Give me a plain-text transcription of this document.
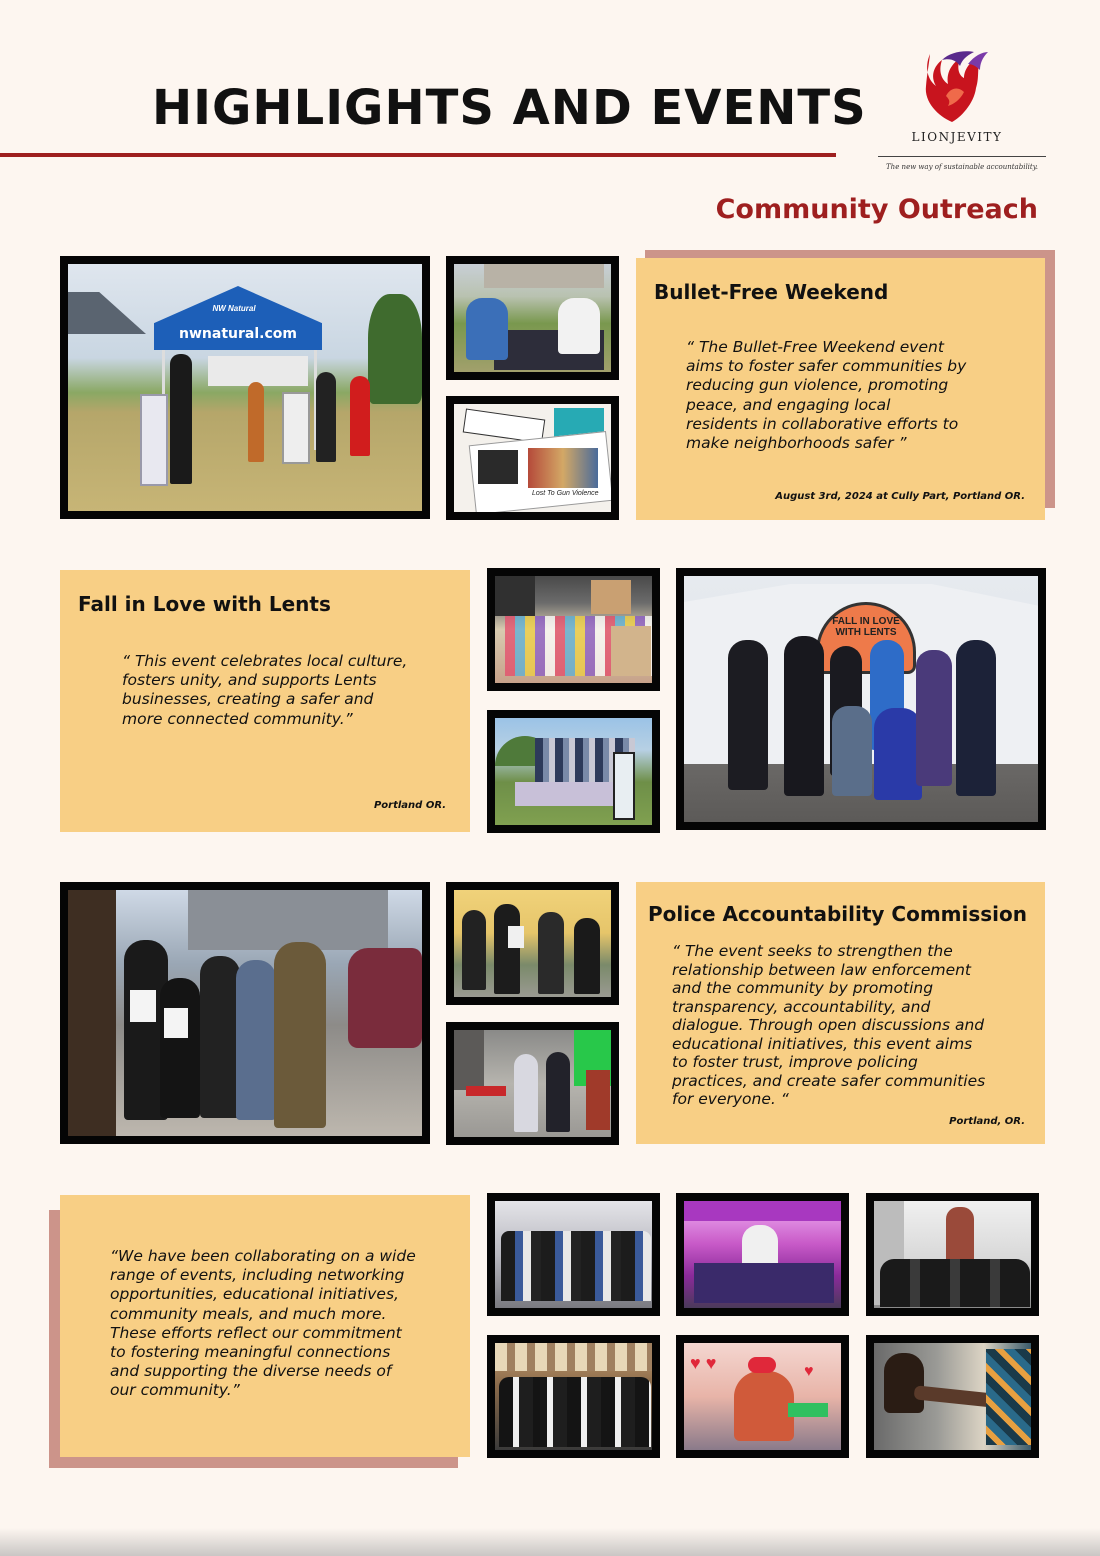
HIGHLIGHTS AND EVENTS
LIONJEVITY
The new way of sustainable accountability.
Community Outreach
nwnatural.com
NW Natural
Lost To Gun Violence
Bullet-Free Weekend
“ The Bullet-Free Weekend event
aims to foster safer communities by
reducing gun violence, promoting
peace, and engaging local
residents in collaborative efforts to
make neighborhoods safer ”
August 3rd, 2024 at Cully Part, Portland OR.
Fall in Love with Lents
“ This event celebrates local culture,
fosters unity, and supports Lents
businesses, creating a safer and
more connected community.”
Portland OR.
FALL IN LOVE WITH LENTS
Police Accountability Commission
“ The event seeks to strengthen the
relationship between law enforcement
and the community by promoting
transparency, accountability, and
dialogue. Through open discussions and
educational initiatives, this event aims
to foster trust, improve policing
practices, and create safer communities
for everyone. “
Portland, OR.
“We have been collaborating on a wide
range of events, including networking
opportunities, educational initiatives,
community meals, and much more.
These efforts reflect our commitment
to fostering meaningful connections
and supporting the diverse needs of
our community.”
♥ ♥	♥
